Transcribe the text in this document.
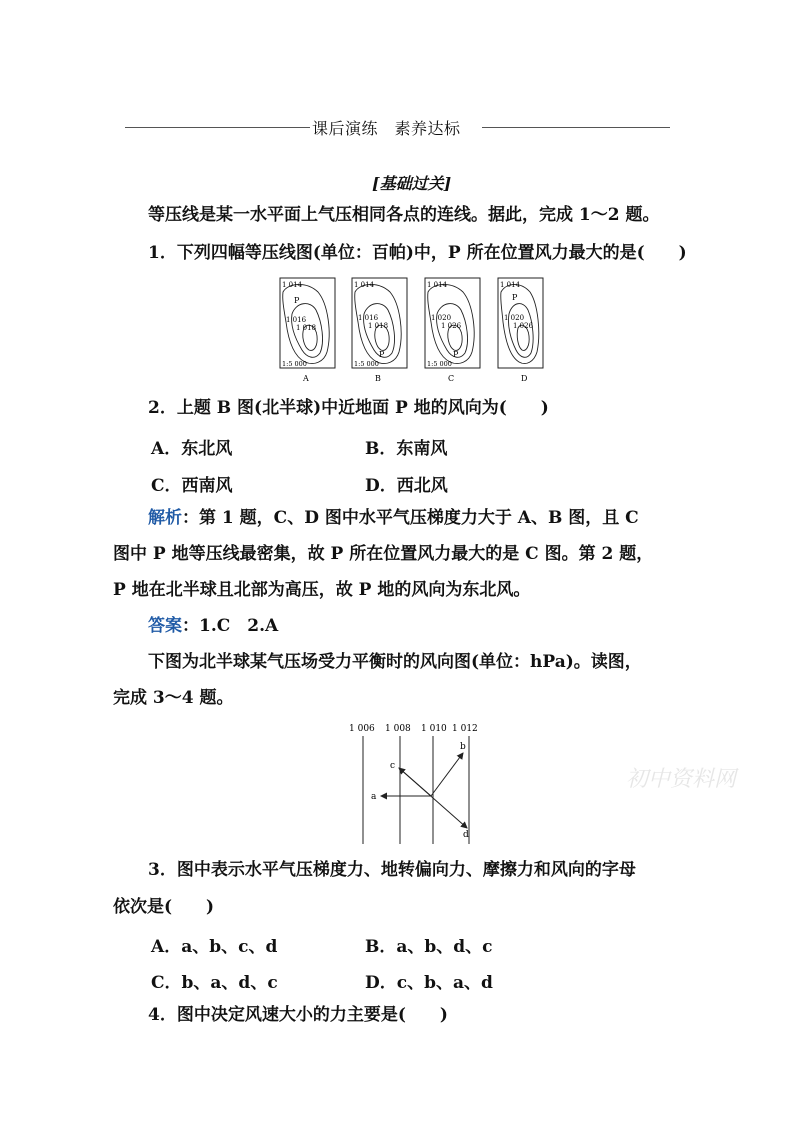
课后演练　素养达标
[基础过关]
等压线是某一水平面上气压相同各点的连线。据此，完成 1～2 题。
1．下列四幅等压线图(单位：百帕)中，P 所在位置风力最大的是(　　)
1 014
P
1 016
1 018
1:5 000
A
1 014
1 016
1 018
P
1:5 000
B
1 014
1 020
1 026
P
1:5 000
C
1 014
P
1 020
1 026
D
2．上题 B 图(北半球)中近地面 P 地的风向为(　　)
A．东北风	B．东南风
C．西南风	D．西北风
解析：第 1 题，C、D 图中水平气压梯度力大于 A、B 图，且 C
图中 P 地等压线最密集，故 P 所在位置风力最大的是 C 图。第 2 题，
P 地在北半球且北部为高压，故 P 地的风向为东北风。
答案：1.C　2.A
下图为北半球某气压场受力平衡时的风向图(单位：hPa)。读图，
完成 3～4 题。
1 006 1 008 1 010 1 012
a
b
c
d
初中资料网
3．图中表示水平气压梯度力、地转偏向力、摩擦力和风向的字母
依次是(　　)
A．a、b、c、d	B．a、b、d、c
C．b、a、d、c	D．c、b、a、d
4．图中决定风速大小的力主要是(　　)
